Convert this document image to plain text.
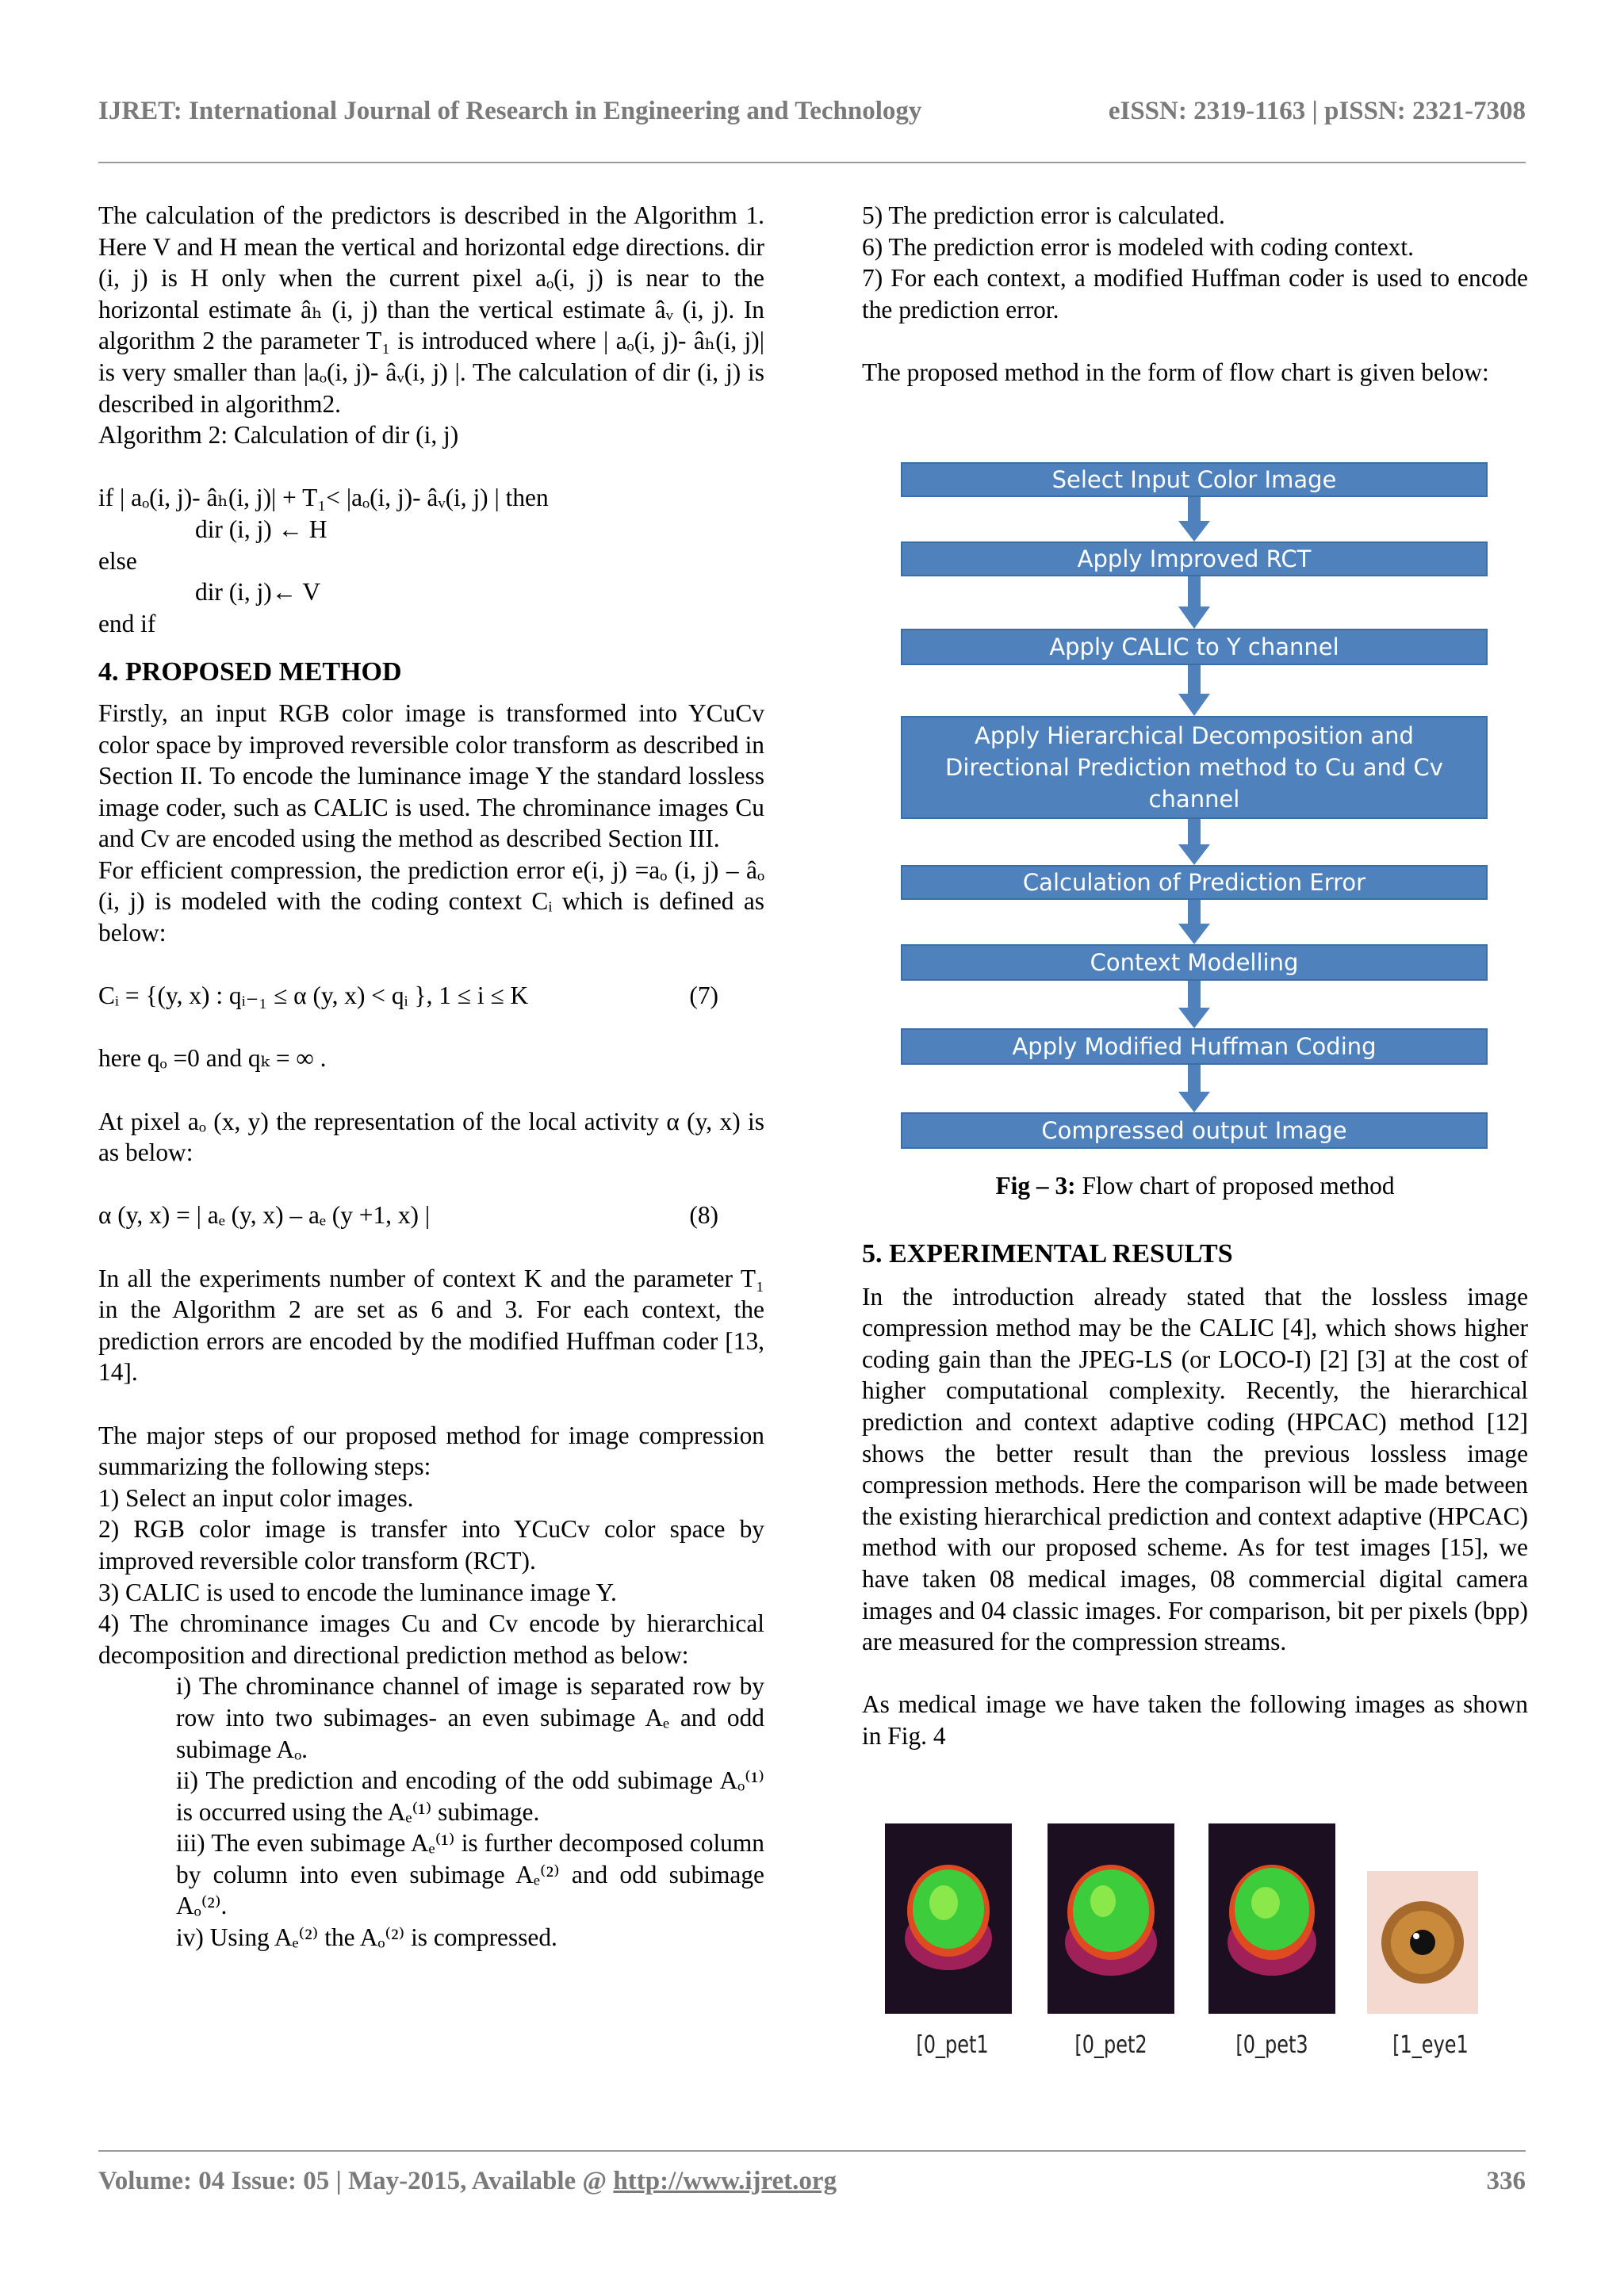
IJRET: International Journal of Research in Engineering and Technology	eISSN: 2319-1163 | pISSN: 2321-7308

The calculation of the predictors is described in the Algorithm 1. Here V and H mean the vertical and horizontal edge directions. dir (i, j) is H only when the current pixel aₒ(i, j) is near to the horizontal estimate âₕ (i, j) than the vertical estimate âᵥ (i, j). In algorithm 2 the parameter T₁ is introduced where | aₒ(i, j)- âₕ(i, j)| is very smaller than |aₒ(i, j)- âᵥ(i, j) |. The calculation of dir (i, j) is described in algorithm2.

Algorithm 2: Calculation of dir (i, j)

if | aₒ(i, j)- âₕ(i, j)| + T₁< |aₒ(i, j)- âᵥ(i, j) | then

dir (i, j) ← H

else

dir (i, j)← V

end if

4. PROPOSED METHOD

Firstly, an input RGB color image is transformed into YCuCv color space by improved reversible color transform as described in Section II. To encode the luminance image Y the standard lossless image coder, such as CALIC is used. The chrominance images Cu and Cv are encoded using the method as described Section III.

For efficient compression, the prediction error e(i, j) =aₒ (i, j) – âₒ (i, j) is modeled with the coding context Cᵢ which is defined as below:

Cᵢ = {(y, x) : qᵢ₋₁ ≤ α (y, x) < qᵢ }, 1 ≤ i ≤ K	(7)

here qₒ =0 and qₖ = ∞ .

At pixel aₒ (x, y) the representation of the local activity α (y, x) is as below:

α (y, x) = | aₑ (y, x) – aₑ (y +1, x) |	(8)

In all the experiments number of context K and the parameter T₁ in the Algorithm 2 are set as 6 and 3. For each context, the prediction errors are encoded by the modified Huffman coder [13, 14].

The major steps of our proposed method for image compression summarizing the following steps:

1) Select an input color images.

2) RGB color image is transfer into YCuCv color space by improved reversible color transform (RCT).

3) CALIC is used to encode the luminance image Y.

4) The chrominance images Cu and Cv encode by hierarchical decomposition and directional prediction method as below:

i) The chrominance channel of image is separated row by row into two subimages- an even subimage Aₑ and odd subimage Aₒ.

ii) The prediction and encoding of the odd subimage Aₒ⁽¹⁾ is occurred using the Aₑ⁽¹⁾ subimage.

iii) The even subimage Aₑ⁽¹⁾ is further decomposed column by column into even subimage Aₑ⁽²⁾ and odd subimage Aₒ⁽²⁾.

iv) Using Aₑ⁽²⁾ the Aₒ⁽²⁾ is compressed.

5) The prediction error is calculated.

6) The prediction error is modeled with coding context.

7) For each context, a modified Huffman coder is used to encode the prediction error.

The proposed method in the form of flow chart is given below:

Select Input Color Image
Apply Improved RCT
Apply CALIC to Y channel
Apply Hierarchical Decomposition and Directional Prediction method to Cu and Cv channel
Calculation of Prediction Error
Context Modelling
Apply Modified Huffman Coding
Compressed output Image
Fig – 3: Flow chart of proposed method
5. EXPERIMENTAL RESULTS

In the introduction already stated that the lossless image compression method may be the CALIC [4], which shows higher coding gain than the JPEG-LS (or LOCO-I) [2] [3] at the cost of higher computational complexity. Recently, the hierarchical prediction and context adaptive coding (HPCAC) method [12] shows the better result than the previous lossless image compression methods. Here the comparison will be made between the existing hierarchical prediction and context adaptive (HPCAC) method with our proposed scheme. As for test images [15], we have taken 08 medical images, 08 commercial digital camera images and 04 classic images. For comparison, bit per pixels (bpp) are measured for the compression streams.

As medical image we have taken the following images as shown in Fig. 4

[0_pet1	[0_pet2	[0_pet3	[1_eye1
Volume: 04 Issue: 05 | May-2015, Available @ http://www.ijret.org	336
